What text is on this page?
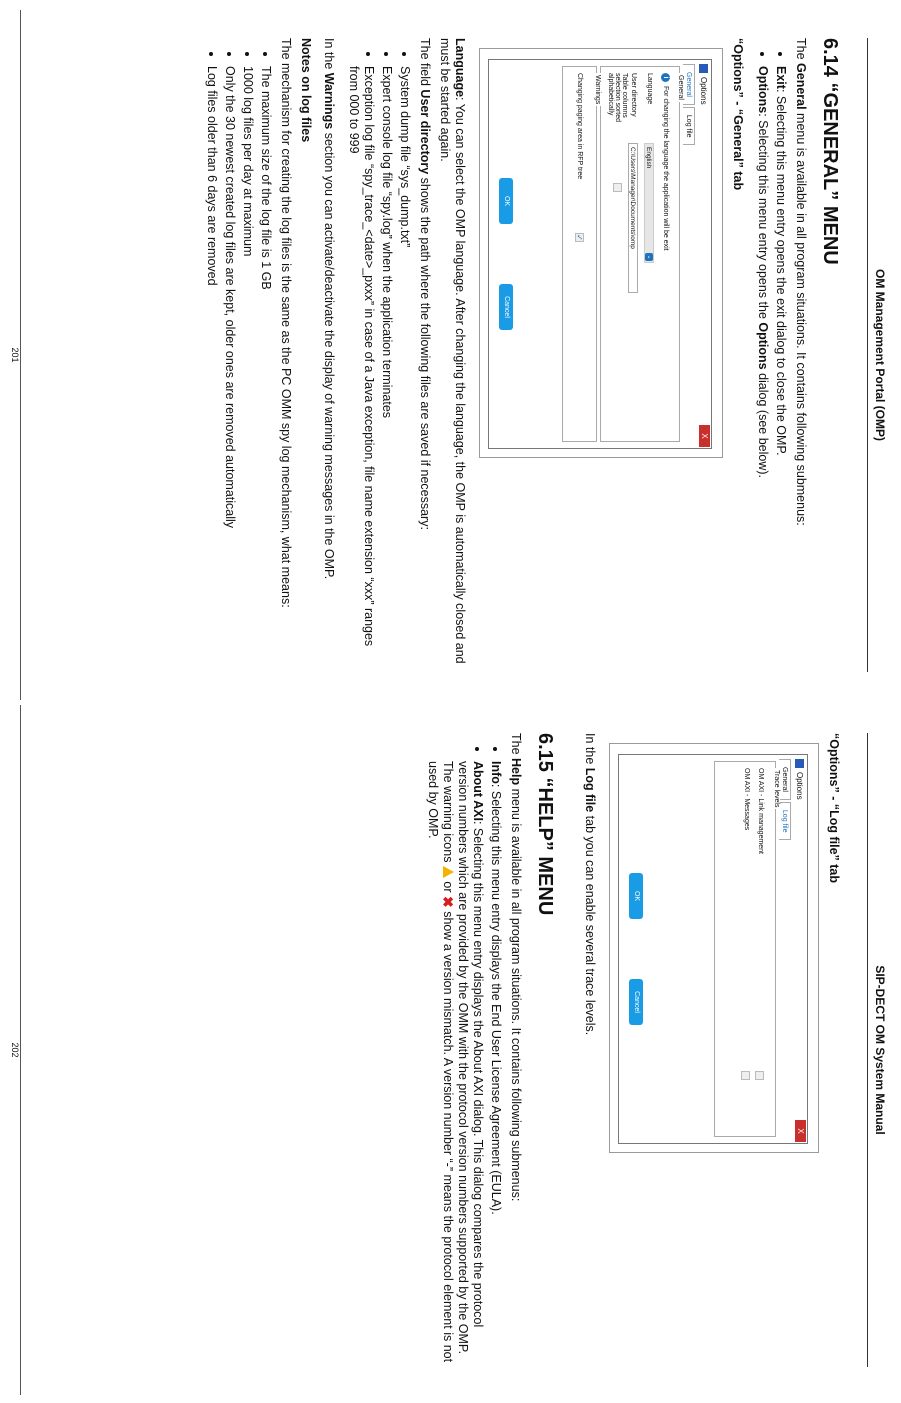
OM Management Portal (OMP)
6.14 “GENERAL” MENU

The General menu is available in all program situations. It contains following submenus:

• Exit: Selecting this menu entry opens the exit dialog to close the OMP.
• Options: Selecting this menu entry opens the Options dialog (see below).
“Options” - “General” tab
Options
X
General
Log file
General
i
For changing the language the application will be exit
Language
English
⌄
User directory
C:\Users\Manager\Documents\omp
Table columns selection sorted alphabetically
Warnings
Changing paging area in RFP tree
✓
OK
Cancel

Language: You can select the OMP language. After changing the language, the OMP is automatically closed and must be started again.

The field User directory shows the path where the following files are saved if necessary:

• System dump file “sys_dump.txt”
• Expert console log file “spy.log” when the application terminates
• Exception log file “spy_trace_<date>_pxxx” in case of a Java exception, file name extension “xxx” ranges from 000 to 999

In the Warnings section you can activate/deactivate the display of warning messages in the OMP.

Notes on log files

The mechanism for creating the log files is the same as the PC OMM spy log mechanism, what means:

• The maximum size of the log file is 1 GB
• 1000 log files per day at maximum
• Only the 30 newest created log files are kept, older ones are removed automatically
• Log files older than 6 days are removed
201
SIP-DECT OM System Manual
“Options” - “Log file” tab
Options
X
General
Log file
Trace levels
OM AXI - Link management
OM AXI - Messages
OK
Cancel

In the Log file tab you can enable several trace levels.

6.15 “HELP” MENU

The Help menu is available in all program situations. It contains following submenus:

• Info: Selecting this menu entry displays the End User License Agreement (EULA).
• About AXI: Selecting this menu entry displays the About AXI dialog. This dialog compares the protocol version numbers which are provided by the OMM with the protocol version numbers supported by the OMP. The warning icons  or ✖ show a version mismatch. A version number “-” means the protocol element is not used by OMP.
202
